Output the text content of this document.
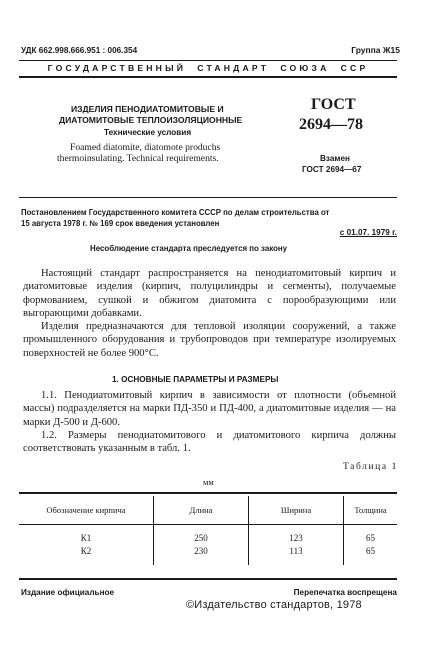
УДК 662.998.666.951 : 006.354	Группа Ж15
ГОСУДАРСТВЕННЫЙ  СТАНДАРТ  СОЮЗА  ССР
ИЗДЕЛИЯ ПЕНОДИАТОМИТОВЫЕ И
ДИАТОМИТОВЫЕ ТЕПЛОИЗОЛЯЦИОННЫЕ
Технические условия
Foamed diatomite, diatomote produchs
thermoinsulating. Technical requirements.
ГОСТ
2694—78
Взамен
ГОСТ 2694—67
Постановлением Государственного комитета СССР по делам строительства от
15 августа 1978 г. № 169 срок введения установлен
с 01.07. 1979 г.
Несоблюдение стандарта преследуется по закону
Настоящий стандарт распространяется на пенодиатомитовый кирпич и диатомитовые изделия (кирпич, полуцилиндры и сегменты), получаемые формованием, сушкой и обжигом диатомита с порообразующими или выгорающими добавками.
Изделия предназначаются для тепловой изоляции сооружений, а также промышленного оборудования и трубопроводов при температуре изолируемых поверхностей не более 900°С.
1. ОСНОВНЫЕ ПАРАМЕТРЫ И РАЗМЕРЫ
1.1. Пенодиатомитовый кирпич в зависимости от плотности (объемной массы) подразделяется на марки ПД-350 и ПД-400, а диатомитовые изделия — на марки Д-500 и Д-600.
1.2. Размеры пенодиатомитового и диатомитового кирпича должны соответствовать указанным в табл. 1.
Таблица 1
мм
Обозначение кирпича	Длина	Ширина	Толщина
К1	250	123	65
К2	230	113	65
Издание официальное	Перепечатка воспрещена
©Издательство стандартов, 1978
